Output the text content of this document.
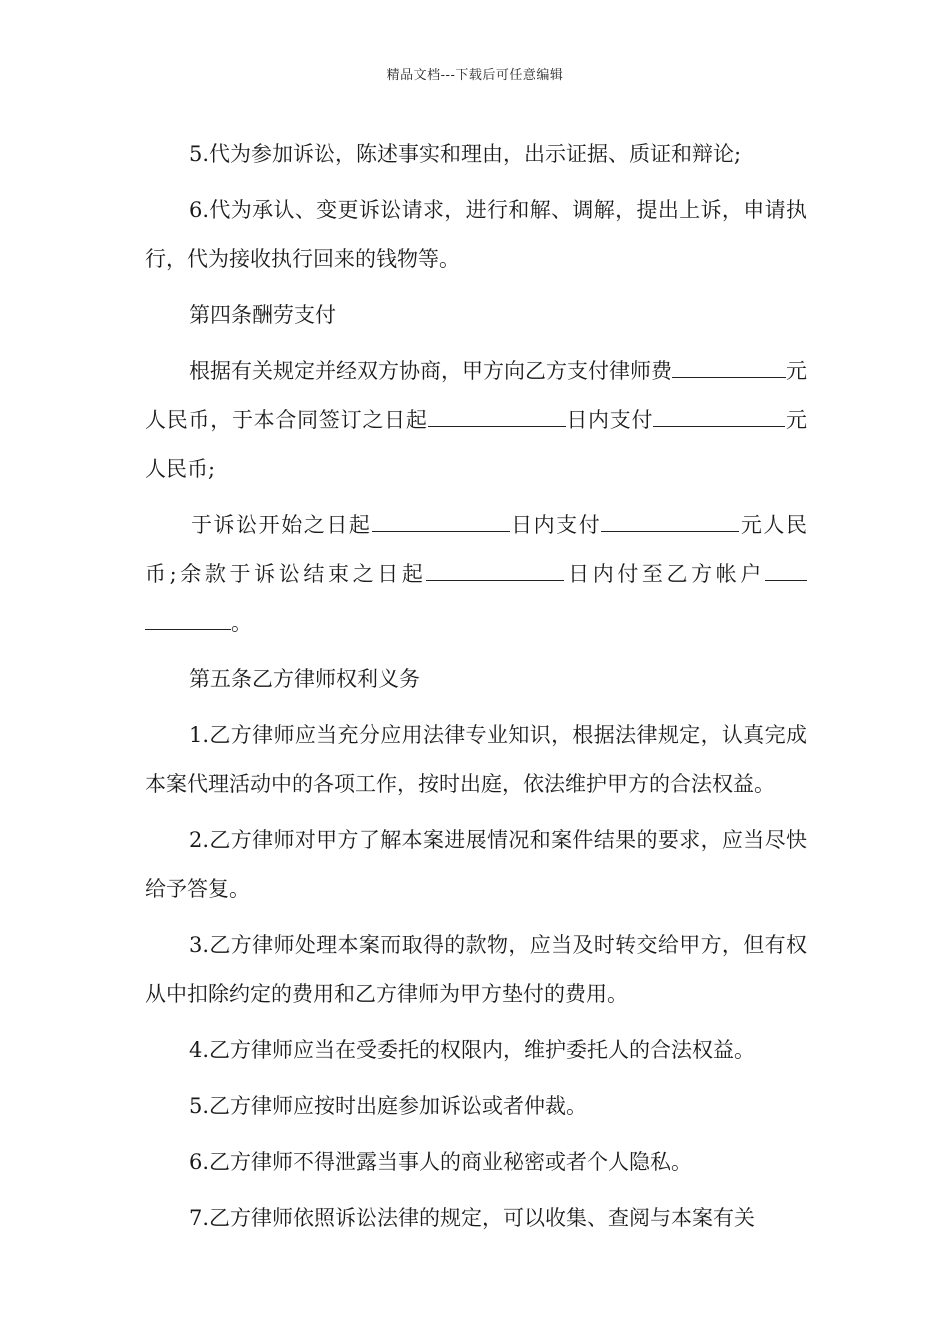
精品文档---下载后可任意编辑
5.代为参加诉讼，陈述事实和理由，出示证据、质证和辩论;
6.代为承认、变更诉讼请求，进行和解、调解，提出上诉，申请执行，代为接收执行回来的钱物等。
第四条酬劳支付
根据有关规定并经双方协商，甲方向乙方支付律师费	元人民币，于本合同签订之日起	日内支付	元人民币;
于诉讼开始之日起	日内支付	元人民币;余款于诉讼结束之日起	日内付至乙方帐户。
第五条乙方律师权利义务
1.乙方律师应当充分应用法律专业知识，根据法律规定，认真完成本案代理活动中的各项工作，按时出庭，依法维护甲方的合法权益。
2.乙方律师对甲方了解本案进展情况和案件结果的要求，应当尽快给予答复。
3.乙方律师处理本案而取得的款物，应当及时转交给甲方，但有权从中扣除约定的费用和乙方律师为甲方垫付的费用。
4.乙方律师应当在受委托的权限内，维护委托人的合法权益。
5.乙方律师应按时出庭参加诉讼或者仲裁。
6.乙方律师不得泄露当事人的商业秘密或者个人隐私。
7.乙方律师依照诉讼法律的规定，可以收集、查阅与本案有关
